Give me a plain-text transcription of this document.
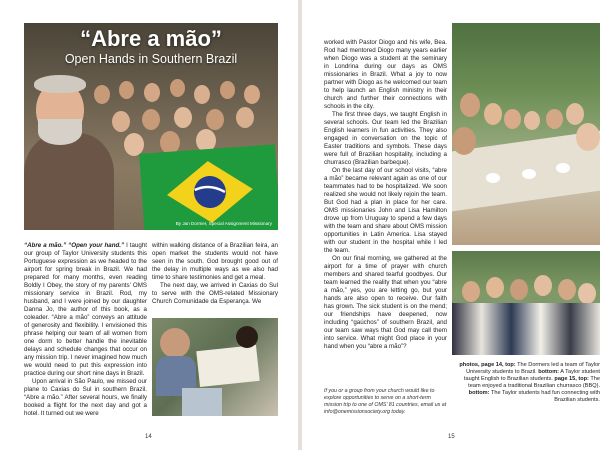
“Abre a mão”
Open Hands in Southern Brazil
By Jan Dormer, Special Assignment Missionary

“Abre a mão.” “Open your hand.” I taught our group of Taylor University students this Portuguese expression as we headed to the airport for spring break in Brazil. We had prepared for many months, even reading Boldly I Obey, the story of my parents’ OMS missionary service in Brazil. Rod, my husband, and I were joined by our daughter Danna Jo, the author of this book, as a coleader. “Abre a mão” conveys an attitude of generosity and flexibility. I envisioned this phrase helping our team of all women from one dorm to better handle the inevitable delays and schedule changes that occur on any mission trip. I never imagined how much we would need to put this expression into practice during our short nine days in Brazil.

Upon arrival in São Paulo, we missed our plane to Caxias do Sul in southern Brazil. “Abre a mão.” After several hours, we finally booked a flight for the next day and got a hotel. It turned out we were

within walking distance of a Brazilian feira, an open market the students would not have seen in the south. God brought good out of the delay in multiple ways as we also had time to share testimonies and get a meal.

The next day, we arrived in Caxias do Sul to serve with the OMS-related Missionary Church Comunidade da Esperança. We

14

worked with Pastor Diogo and his wife, Bea. Rod had mentored Diogo many years earlier when Diogo was a student at the seminary in Londrina during our days as OMS missionaries in Brazil. What a joy to now partner with Diogo as he welcomed our team to help launch an English ministry in their church and further their connections with schools in the city.

The first three days, we taught English in several schools. Our team led the Brazilian English learners in fun activities. They also engaged in conversation on the topic of Easter traditions and symbols. These days were full of Brazilian hospitality, including a churrasco (Brazilian barbeque).

On the last day of our school visits, “abre a mão” became relevant again as one of our teammates had to be hospitalized. We soon realized she would not likely rejoin the team. But God had a plan in place for her care. OMS missionaries John and Lisa Hamilton drove up from Uruguay to spend a few days with the team and share about OMS mission opportunities in Latin America. Lisa stayed with our student in the hospital while I led the team.

On our final morning, we gathered at the airport for a time of prayer with church members and shared tearful goodbyes. Our team learned the reality that when you “abre a mão,” yes, you are letting go, but your hands are also open to receive. Our faith has grown. The sick student is on the mend; our friendships have deepened, now including “gaúchos” of southern Brazil, and our team saw ways that God may call them into service. What might God place in your hand when you “abre a mão”?

If you or a group from your church would like to explore opportunities to serve on a short-term mission trip to one of OMS’ 81 countries, email us at info@onemissionsociety.org today.
photos, page 14, top: The Dormers led a team of Taylor University students to Brazil. bottom: A Taylor student taught English to Brazilian students. page 15, top: The team enjoyed a traditional Brazilian churrasco (BBQ). bottom: The Taylor students had fun connecting with Brazilian students.
15
